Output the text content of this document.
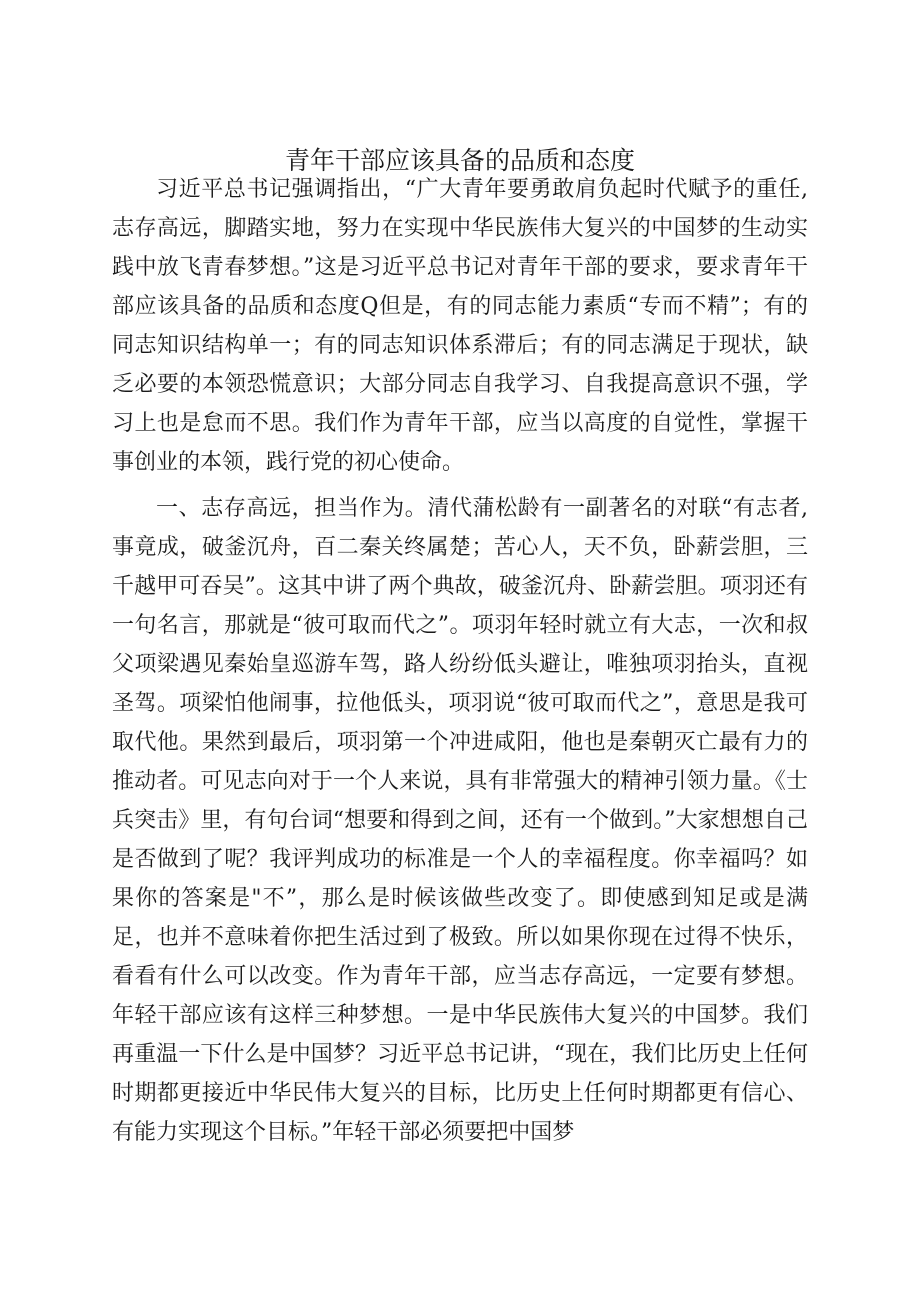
青年干部应该具备的品质和态度

习近平总书记强调指出，“广大青年要勇敢肩负起时代赋予的重任,志存高远，脚踏实地，努力在实现中华民族伟大复兴的中国梦的生动实践中放飞青春梦想。”这是习近平总书记对青年干部的要求，要求青年干部应该具备的品质和态度Q但是，有的同志能力素质“专而不精”；有的同志知识结构单一；有的同志知识体系滞后；有的同志满足于现状，缺乏必要的本领恐慌意识；大部分同志自我学习、自我提高意识不强，学习上也是怠而不思。我们作为青年干部，应当以高度的自觉性，掌握干事创业的本领，践行党的初心使命。

一、志存高远，担当作为。清代蒲松龄有一副著名的对联“有志者,事竟成，破釜沉舟，百二秦关终属楚；苦心人，天不负，卧薪尝胆，三千越甲可吞吴”。这其中讲了两个典故，破釜沉舟、卧薪尝胆。项羽还有一句名言，那就是“彼可取而代之”。项羽年轻时就立有大志，一次和叔父项梁遇见秦始皇巡游车驾，路人纷纷低头避让，唯独项羽抬头，直视圣驾。项梁怕他闹事，拉他低头，项羽说“彼可取而代之”，意思是我可取代他。果然到最后，项羽第一个冲进咸阳，他也是秦朝灭亡最有力的推动者。可见志向对于一个人来说，具有非常强大的精神引领力量。《士兵突击》里，有句台词“想要和得到之间，还有一个做到。”大家想想自己是否做到了呢？我评判成功的标准是一个人的幸福程度。你幸福吗？如果你的答案是"不”，那么是时候该做些改变了。即使感到知足或是满足，也并不意味着你把生活过到了极致。所以如果你现在过得不快乐，看看有什么可以改变。作为青年干部，应当志存高远，一定要有梦想。年轻干部应该有这样三种梦想。一是中华民族伟大复兴的中国梦。我们再重温一下什么是中国梦？习近平总书记讲，“现在，我们比历史上任何时期都更接近中华民伟大复兴的目标，比历史上任何时期都更有信心、有能力实现这个目标。”年轻干部必须要把中国梦
